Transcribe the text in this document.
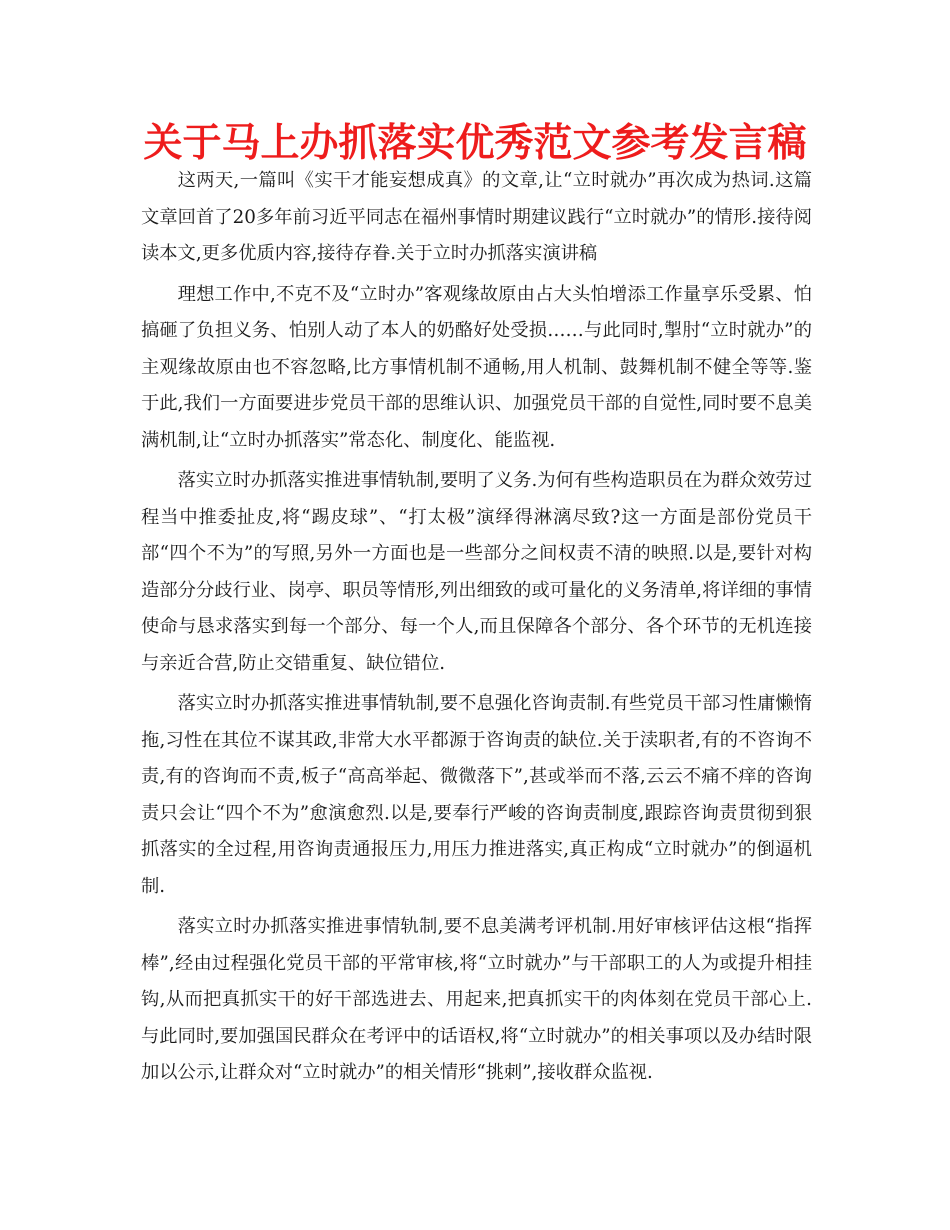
关于马上办抓落实优秀范文参考发言稿

这两天,一篇叫《实干才能妄想成真》的文章,让“立时就办”再次成为热词.这篇文章回首了20多年前习近平同志在福州事情时期建议践行“立时就办”的情形.接待阅读本文,更多优质内容,接待存眷.关于立时办抓落实演讲稿

理想工作中,不克不及“立时办”客观缘故原由占大头怕增添工作量享乐受累、怕搞砸了负担义务、怕别人动了本人的奶酪好处受损……与此同时,掣肘“立时就办”的主观缘故原由也不容忽略,比方事情机制不通畅,用人机制、鼓舞机制不健全等等.鉴于此,我们一方面要进步党员干部的思维认识、加强党员干部的自觉性,同时要不息美满机制,让“立时办抓落实”常态化、制度化、能监视.

落实立时办抓落实推进事情轨制,要明了义务.为何有些构造职员在为群众效劳过程当中推委扯皮,将“踢皮球”、“打太极”演绎得淋漓尽致?这一方面是部份党员干部“四个不为”的写照,另外一方面也是一些部分之间权责不清的映照.以是,要针对构造部分分歧行业、岗亭、职员等情形,列出细致的或可量化的义务清单,将详细的事情使命与恳求落实到每一个部分、每一个人,而且保障各个部分、各个环节的无机连接与亲近合营,防止交错重复、缺位错位.

落实立时办抓落实推进事情轨制,要不息强化咨询责制.有些党员干部习性庸懒惰拖,习性在其位不谋其政,非常大水平都源于咨询责的缺位.关于渎职者,有的不咨询不责,有的咨询而不责,板子“高高举起、微微落下”,甚或举而不落,云云不痛不痒的咨询责只会让“四个不为”愈演愈烈.以是,要奉行严峻的咨询责制度,跟踪咨询责贯彻到狠抓落实的全过程,用咨询责通报压力,用压力推进落实,真正构成“立时就办”的倒逼机制.

落实立时办抓落实推进事情轨制,要不息美满考评机制.用好审核评估这根“指挥棒”,经由过程强化党员干部的平常审核,将“立时就办”与干部职工的人为或提升相挂钩,从而把真抓实干的好干部选进去、用起来,把真抓实干的肉体刻在党员干部心上.与此同时,要加强国民群众在考评中的话语权,将“立时就办”的相关事项以及办结时限加以公示,让群众对“立时就办”的相关情形“挑刺”,接收群众监视.
